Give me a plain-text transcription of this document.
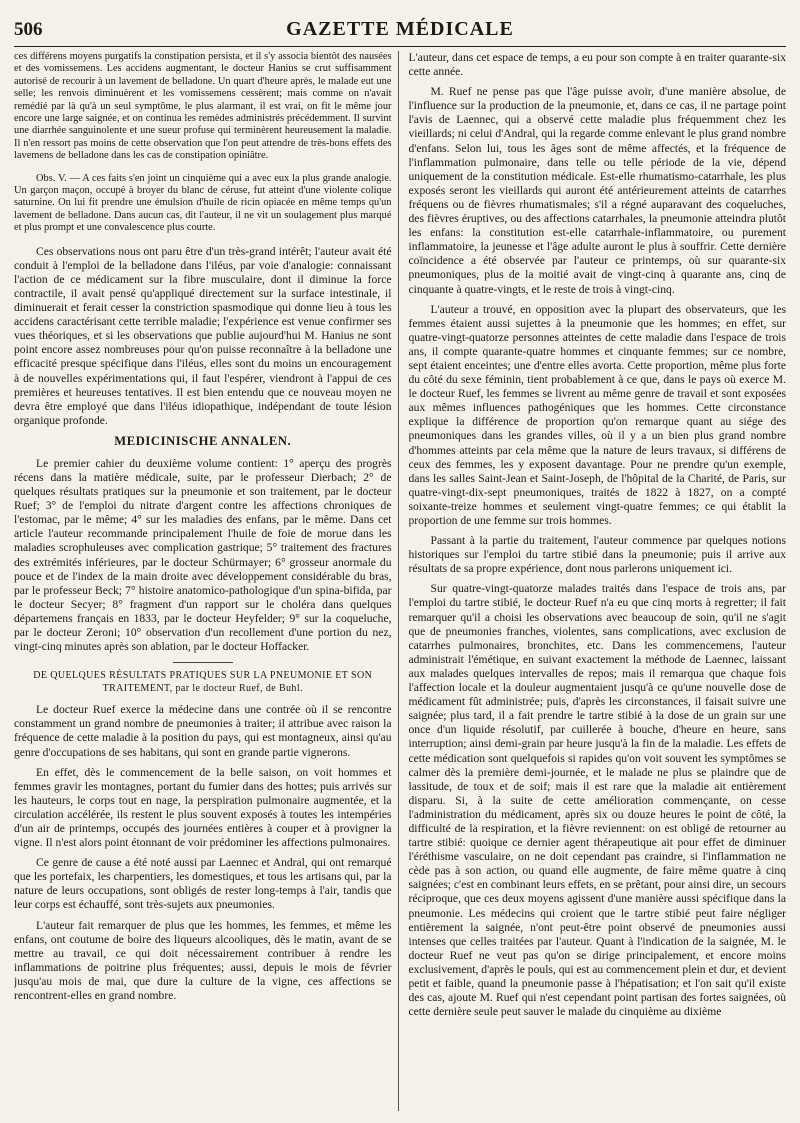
506	GAZETTE MÉDICALE

ces différens moyens purgatifs la constipation persista, et il s'y associa bientôt des nausées et des vomissemens. Les accidens augmentant, le docteur Hanius se crut suffisamment autorisé de recourir à un lavement de belladone. Un quart d'heure après, le malade eut une selle; les renvois diminuèrent et les vomissemens cessèrent; mais comme on n'avait remédié par là qu'à un seul symptôme, le plus alarmant, il est vrai, on fit le même jour encore une large saignée, et on continua les remèdes administrés précédemment. Il survint une diarrhée sanguinolente et une sueur profuse qui terminèrent heureusement la maladie. Il n'en ressort pas moins de cette observation que l'on peut attendre de très-bons effets des lavemens de belladone dans les cas de constipation opiniâtre.

Obs. V. — A ces faits s'en joint un cinquième qui a avec eux la plus grande analogie. Un garçon maçon, occupé à broyer du blanc de céruse, fut atteint d'une violente colique saturnine. On lui fit prendre une émulsion d'huile de ricin opiacée en même temps qu'un lavement de belladone. Dans aucun cas, dit l'auteur, il ne vit un soulagement plus marqué et plus prompt et une convalescence plus courte.

Ces observations nous ont paru être d'un très-grand intérêt; l'auteur avait été conduit à l'emploi de la belladone dans l'iléus, par voie d'analogie: connaissant l'action de ce médicament sur la fibre musculaire, dont il diminue la force contractile, il avait pensé qu'appliqué directement sur la surface intestinale, il diminuerait et ferait cesser la constriction spasmodique qui donne lieu à tous les accidens caractérisant cette terrible maladie; l'expérience est venue confirmer ses vues théoriques, et si les observations que publie aujourd'hui M. Hanius ne sont point encore assez nombreuses pour qu'on puisse reconnaître à la belladone une efficacité presque spécifique dans l'iléus, elles sont du moins un encouragement à de nouvelles expérimentations qui, il faut l'espérer, viendront à l'appui de ces premières et heureuses tentatives. Il est bien entendu que ce nouveau moyen ne devra être employé que dans l'iléus idiopathique, indépendant de toute lésion organique profonde.

MEDICINISCHE ANNALEN.

Le premier cahier du deuxième volume contient: 1° aperçu des progrès récens dans la matière médicale, suite, par le professeur Dierbach; 2° de quelques résultats pratiques sur la pneumonie et son traitement, par le docteur Ruef; 3° de l'emploi du nitrate d'argent contre les affections chroniques de l'estomac, par le même; 4° sur les maladies des enfans, par le même. Dans cet article l'auteur recommande principalement l'huile de foie de morue dans les maladies scrophuleuses avec complication gastrique; 5° traitement des fractures des extrémités inférieures, par le docteur Schürmayer; 6° grosseur anormale du pouce et de l'index de la main droite avec développement considérable du bras, par le professeur Beck; 7° histoire anatomico-pathologique d'un spina-bifida, par le docteur Secyer; 8° fragment d'un rapport sur le choléra dans quelques départemens français en 1833, par le docteur Heyfelder; 9° sur la coqueluche, par le docteur Zeroni; 10° observation d'un recollement d'une portion du nez, vingt-cinq minutes après son ablation, par le docteur Hoffacker.

DE QUELQUES RÉSULTATS PRATIQUES SUR LA PNEUMONIE ET SON TRAITEMENT, par le docteur Ruef, de Buhl.

Le docteur Ruef exerce la médecine dans une contrée où il se rencontre constamment un grand nombre de pneumonies à traiter; il attribue avec raison la fréquence de cette maladie à la position du pays, qui est montagneux, ainsi qu'au genre d'occupations de ses habitans, qui sont en grande partie vignerons.

En effet, dès le commencement de la belle saison, on voit hommes et femmes gravir les montagnes, portant du fumier dans des hottes; puis arrivés sur les hauteurs, le corps tout en nage, la perspiration pulmonaire augmentée, et la circulation accélérée, ils restent le plus souvent exposés à toutes les intempéries d'un air de printemps, occupés des journées entières à couper et à provigner la vigne. Il n'est alors point étonnant de voir prédominer les affections pulmonaires.

Ce genre de cause a été noté aussi par Laennec et Andral, qui ont remarqué que les portefaix, les charpentiers, les domestiques, et tous les artisans qui, par la nature de leurs occupations, sont obligés de rester long-temps à l'air, tandis que leur corps est échauffé, sont très-sujets aux pneumonies.

L'auteur fait remarquer de plus que les hommes, les femmes, et même les enfans, ont coutume de boire des liqueurs alcooliques, dès le matin, avant de se mettre au travail, ce qui doit nécessairement contribuer à rendre les inflammations de poitrine plus fréquentes; aussi, depuis le mois de février jusqu'au mois de mai, que dure la culture de la vigne, ces affections se rencontrent-elles en grand nombre.

L'auteur, dans cet espace de temps, a eu pour son compte à en traiter quarante-six cette année.

M. Ruef ne pense pas que l'âge puisse avoir, d'une manière absolue, de l'influence sur la production de la pneumonie, et, dans ce cas, il ne partage point l'avis de Laennec, qui a observé cette maladie plus fréquemment chez les vieillards; ni celui d'Andral, qui la regarde comme enlevant le plus grand nombre d'enfans. Selon lui, tous les âges sont de même affectés, et la fréquence de l'inflammation pulmonaire, dans telle ou telle période de la vie, dépend uniquement de la constitution médicale. Est-elle rhumatismo-catarrhale, les plus exposés seront les vieillards qui auront été antérieurement atteints de catarrhes fréquens ou de fièvres rhumatismales; s'il a régné auparavant des coqueluches, des fièvres éruptives, ou des affections catarrhales, la pneumonie atteindra plutôt les enfans: la constitution est-elle catarrhale-inflammatoire, ou purement inflammatoire, la jeunesse et l'âge adulte auront le plus à souffrir. Cette dernière coïncidence a été observée par l'auteur ce printemps, où sur quarante-six pneumoniques, plus de la moitié avait de vingt-cinq à quarante ans, cinq de cinquante à quatre-vingts, et le reste de trois à vingt-cinq.

L'auteur a trouvé, en opposition avec la plupart des observateurs, que les femmes étaient aussi sujettes à la pneumonie que les hommes; en effet, sur quatre-vingt-quatorze personnes atteintes de cette maladie dans l'espace de trois ans, il compte quarante-quatre hommes et cinquante femmes; sur ce nombre, sept étaient enceintes; une d'entre elles avorta. Cette proportion, même plus forte du côté du sexe féminin, tient probablement à ce que, dans le pays où exerce M. le docteur Ruef, les femmes se livrent au même genre de travail et sont exposées aux mêmes influences pathogéniques que les hommes. Cette circonstance explique la différence de proportion qu'on remarque quant au siége des pneumoniques dans les grandes villes, où il y a un bien plus grand nombre d'hommes atteints par cela même que la nature de leurs travaux, si différens de ceux des femmes, les y exposent davantage. Pour ne prendre qu'un exemple, dans les salles Saint-Jean et Saint-Joseph, de l'hôpital de la Charité, de Paris, sur quatre-vingt-dix-sept pneumoniques, traités de 1822 à 1827, on a compté soixante-treize hommes et seulement vingt-quatre femmes; ce qui établit la proportion de une femme sur trois hommes.

Passant à la partie du traitement, l'auteur commence par quelques notions historiques sur l'emploi du tartre stibié dans la pneumonie; puis il arrive aux résultats de sa propre expérience, dont nous parlerons uniquement ici.

Sur quatre-vingt-quatorze malades traités dans l'espace de trois ans, par l'emploi du tartre stibié, le docteur Ruef n'a eu que cinq morts à regretter; il fait remarquer qu'il a choisi les observations avec beaucoup de soin, qu'il ne s'agit que de pneumonies franches, violentes, sans complications, avec exclusion de catarrhes pulmonaires, bronchites, etc. Dans les commencemens, l'auteur administrait l'émétique, en suivant exactement la méthode de Laennec, laissant aux malades quelques intervalles de repos; mais il remarqua que chaque fois l'affection locale et la douleur augmentaient jusqu'à ce qu'une nouvelle dose de médicament fût administrée; puis, d'après les circonstances, il faisait suivre une saignée; plus tard, il a fait prendre le tartre stibié à la dose de un grain sur une once d'un liquide résolutif, par cuillerée à bouche, d'heure en heure, sans interruption; ainsi demi-grain par heure jusqu'à la fin de la maladie. Les effets de cette médication sont quelquefois si rapides qu'on voit souvent les symptômes se calmer dès la première demi-journée, et le malade ne plus se plaindre que de lassitude, de toux et de soif; mais il est rare que la maladie ait entièrement disparu. Si, à la suite de cette amélioration commençante, on cesse l'administration du médicament, après six ou douze heures le point de côté, la difficulté de la respiration, et la fièvre reviennent: on est obligé de retourner au tartre stibié: quoique ce dernier agent thérapeutique ait pour effet de diminuer l'éréthisme vasculaire, on ne doit cependant pas craindre, si l'inflammation ne cède pas à son action, ou quand elle augmente, de faire même quatre à cinq saignées; c'est en combinant leurs effets, en se prêtant, pour ainsi dire, un secours réciproque, que ces deux moyens agissent d'une manière aussi spécifique dans la pneumonie. Les médecins qui croient que le tartre stibié peut faire négliger entièrement la saignée, n'ont peut-être point observé de pneumonies aussi intenses que celles traitées par l'auteur. Quant à l'indication de la saignée, M. le docteur Ruef ne veut pas qu'on se dirige principalement, et encore moins exclusivement, d'après le pouls, qui est au commencement plein et dur, et devient petit et faible, quand la pneumonie passe à l'hépatisation; et l'on sait qu'il existe des cas, ajoute M. Ruef qui n'est cependant point partisan des fortes saignées, où cette dernière seule peut sauver le malade du cinquième au dixième
